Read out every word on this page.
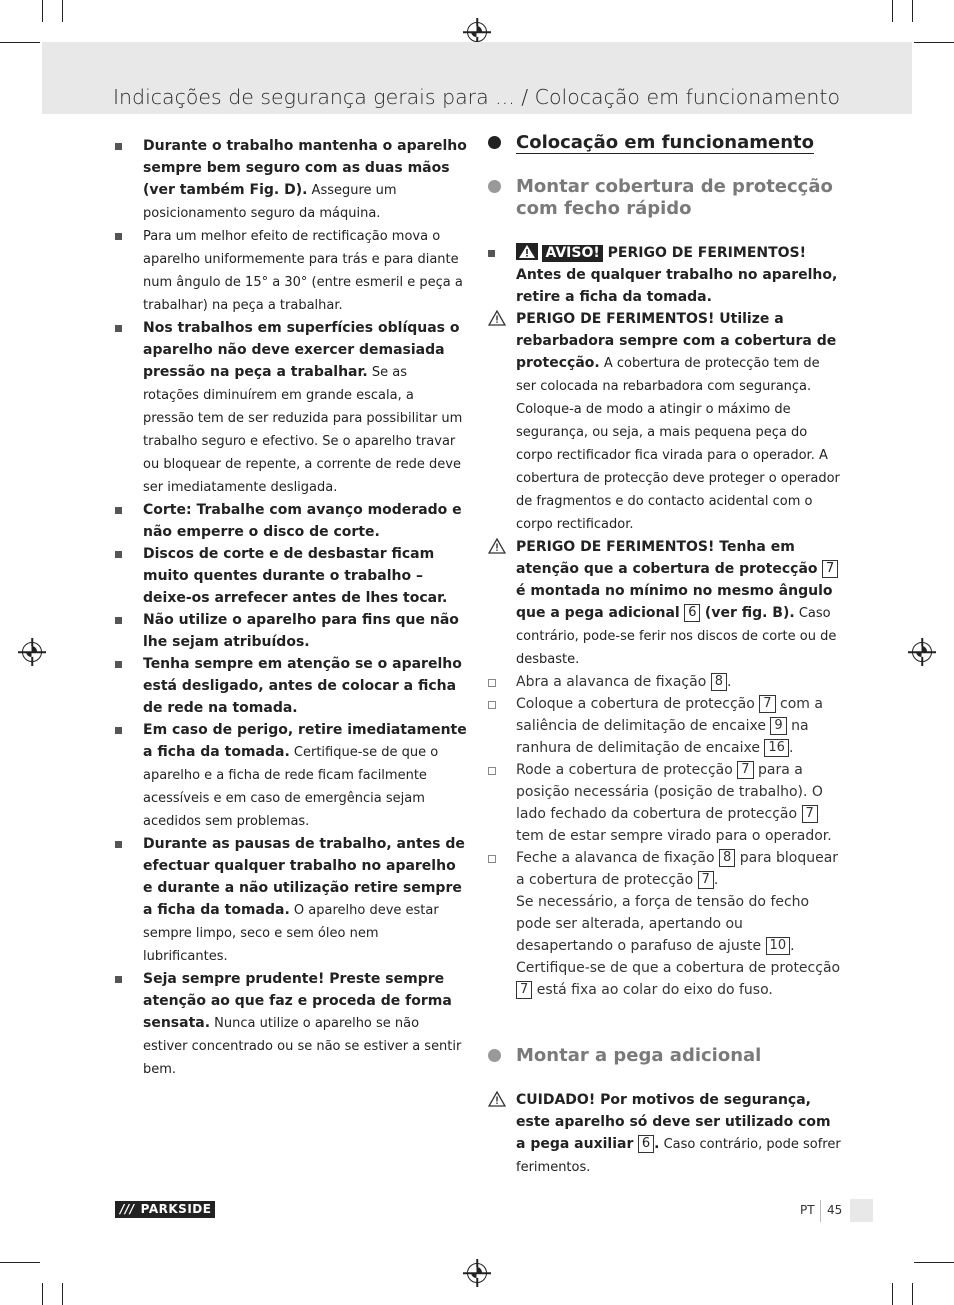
Indicações de segurança gerais para ... / Colocação em funcionamento
Durante o trabalho mantenha o aparelho sempre bem seguro com as duas mãos (ver também Fig. D). Assegure um posicionamento seguro da máquina.
Para um melhor efeito de rectificação mova o aparelho uniformemente para trás e para diante num ângulo de 15° a 30° (entre esmeril e peça a trabalhar) na peça a trabalhar.
Nos trabalhos em superfícies oblíquas o aparelho não deve exercer demasiada pressão na peça a trabalhar. Se as rotações diminuírem em grande escala, a pressão tem de ser reduzida para possibilitar um trabalho seguro e efectivo. Se o aparelho travar ou bloquear de repente, a corrente de rede deve ser imediatamente desligada.
Corte: Trabalhe com avanço moderado e não emperre o disco de corte.
Discos de corte e de desbastar ficam muito quentes durante o trabalho – deixe-os arrefecer antes de lhes tocar.
Não utilize o aparelho para fins que não lhe sejam atribuídos.
Tenha sempre em atenção se o aparelho está desligado, antes de colocar a ficha de rede na tomada.
Em caso de perigo, retire imediatamente a ficha da tomada. Certifique-se de que o aparelho e a ficha de rede ficam facilmente acessíveis e em caso de emergência sejam acedidos sem problemas.
Durante as pausas de trabalho, antes de efectuar qualquer trabalho no aparelho e durante a não utilização retire sempre a ficha da tomada. O aparelho deve estar sempre limpo, seco e sem óleo nem lubrificantes.
Seja sempre prudente! Preste sempre atenção ao que faz e proceda de forma sensata. Nunca utilize o aparelho se não estiver concentrado ou se não se estiver a sentir bem.
Colocação em funcionamento
Montar cobertura de protecção com fecho rápido
AVISO! PERIGO DE FERIMENTOS! Antes de qualquer trabalho no aparelho, retire a ficha da tomada.
PERIGO DE FERIMENTOS! Utilize a rebarbadora sempre com a cobertura de protecção. A cobertura de protecção tem de ser colocada na rebarbadora com segurança. Coloque-a de modo a atingir o máximo de segurança, ou seja, a mais pequena peça do corpo rectificador fica virada para o operador. A cobertura de protecção deve proteger o operador de fragmentos e do contacto acidental com o corpo rectificador.
PERIGO DE FERIMENTOS! Tenha em atenção que a cobertura de protecção 7 é montada no mínimo no mesmo ângulo que a pega adicional 6 (ver fig. B). Caso contrário, pode-se ferir nos discos de corte ou de desbaste.
Abra a alavanca de fixação 8 .
Coloque a cobertura de protecção 7 com a saliência de delimitação de encaixe 9 na ranhura de delimitação de encaixe 16 .
Rode a cobertura de protecção 7 para a posição necessária (posição de trabalho). O lado fechado da cobertura de protecção 7 tem de estar sempre virado para o operador.
Feche a alavanca de fixação 8 para bloquear a cobertura de protecção 7 .
Se necessário, a força de tensão do fecho pode ser alterada, apertando ou desapertando o parafuso de ajuste 10 . Certifique-se de que a cobertura de protecção 7 está fixa ao colar do eixo do fuso.
Montar a pega adicional
CUIDADO! Por motivos de segurança, este aparelho só deve ser utilizado com a pega auxiliar 6 . Caso contrário, pode sofrer ferimentos.
/// PARKSIDE	PT 45
